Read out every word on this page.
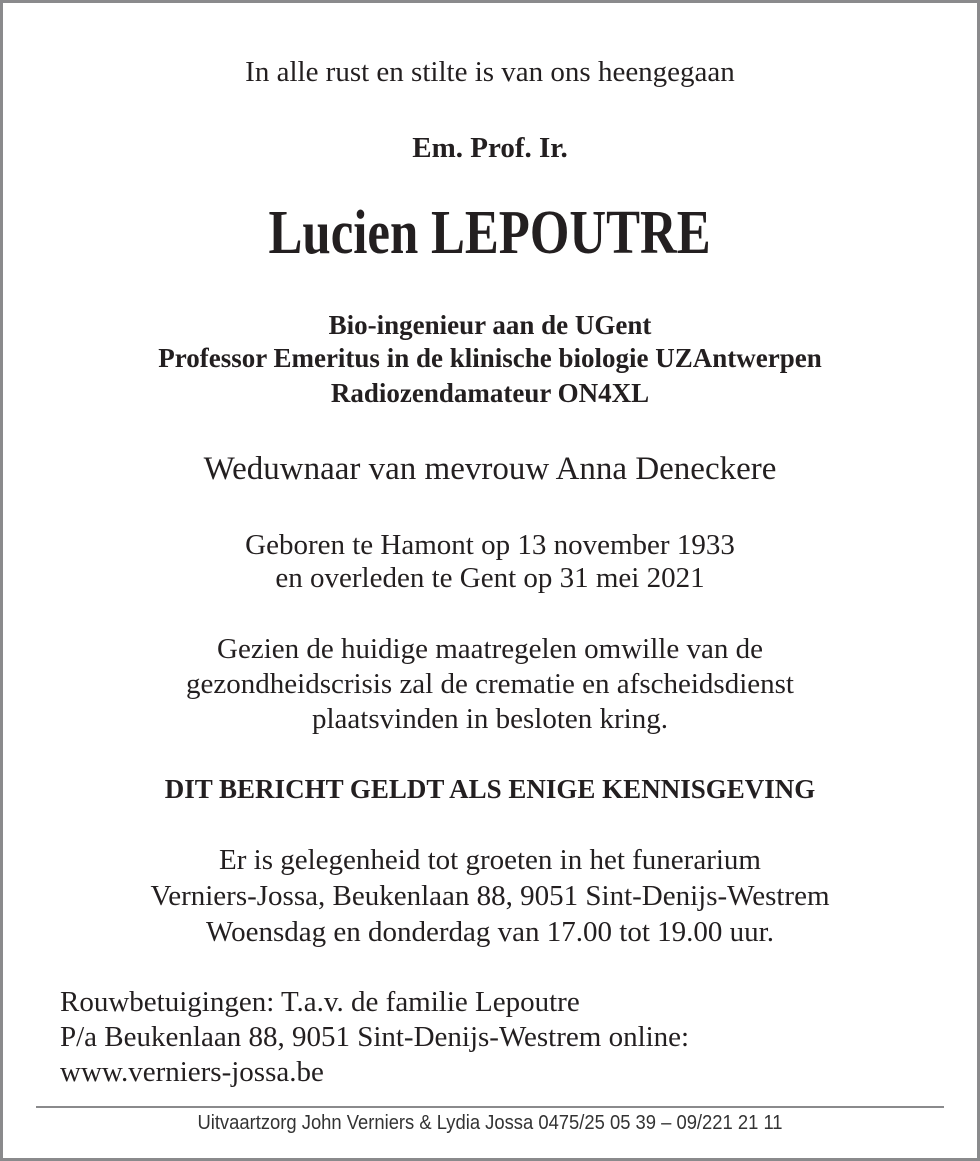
In alle rust en stilte is van ons heengegaan
Em. Prof. Ir.
Lucien LEPOUTRE
Bio-ingenieur aan de UGent
Professor Emeritus in de klinische biologie UZAntwerpen
Radiozendamateur ON4XL
Weduwnaar van mevrouw Anna Deneckere
Geboren te Hamont op 13 november 1933
en overleden te Gent op 31 mei 2021
Gezien de huidige maatregelen omwille van de
gezondheidscrisis zal de crematie en afscheidsdienst
plaatsvinden in besloten kring.
DIT BERICHT GELDT ALS ENIGE KENNISGEVING
Er is gelegenheid tot groeten in het funerarium
Verniers-Jossa, Beukenlaan 88, 9051 Sint-Denijs-Westrem
Woensdag en donderdag van 17.00 tot 19.00 uur.
Rouwbetuigingen: T.a.v. de familie Lepoutre
P/a Beukenlaan 88, 9051 Sint-Denijs-Westrem online:
www.verniers-jossa.be
Uitvaartzorg John Verniers & Lydia Jossa 0475/25 05 39 – 09/221 21 11
